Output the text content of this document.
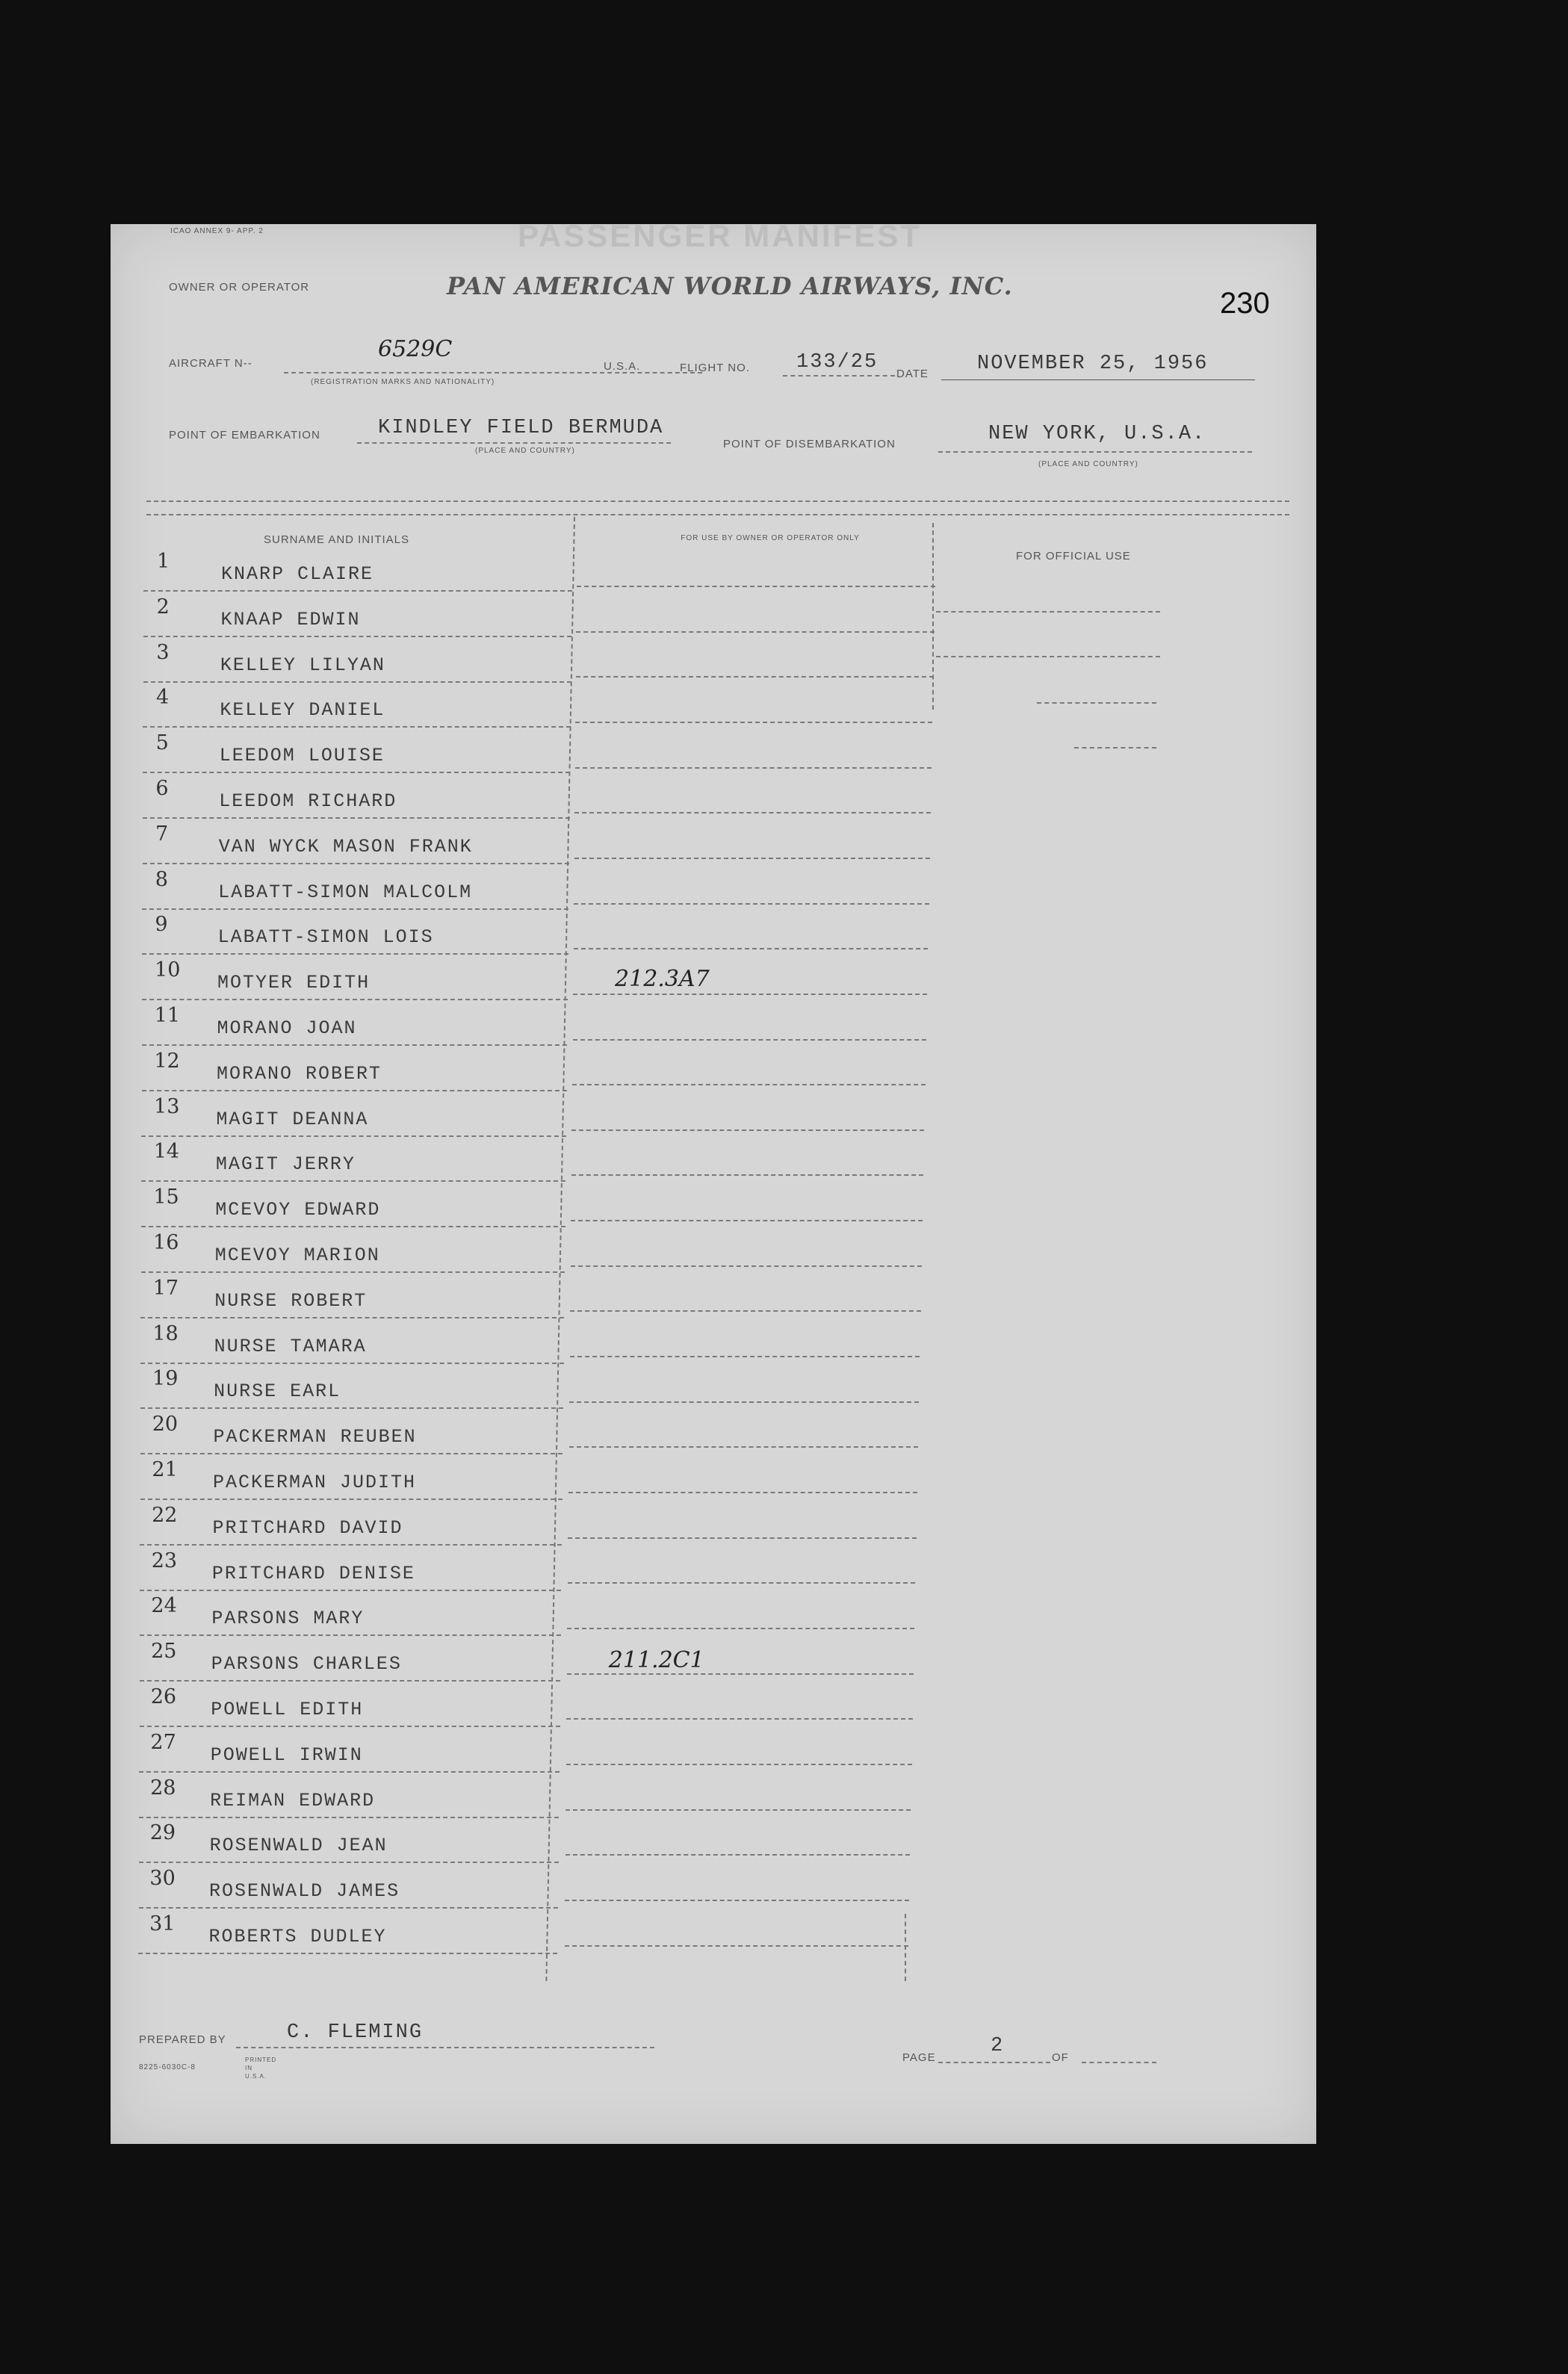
ICAO ANNEX 9- APP. 2	PASSENGER MANIFEST
230
OWNER OR OPERATOR	PAN AMERICAN WORLD AIRWAYS, INC.
AIRCRAFT N--
6529C
(REGISTRATION MARKS AND NATIONALITY)
U.S.A.	FLIGHT NO. 133/25
DATE NOVEMBER 25, 1956
POINT OF EMBARKATION	KINDLEY FIELD BERMUDA
(PLACE AND COUNTRY)
POINT OF DISEMBARKATION	NEW YORK, U.S.A.
(PLACE AND COUNTRY)
SURNAME AND INITIALS	FOR USE BY OWNER OR OPERATOR ONLY
FOR OFFICIAL USE
1
KNARP CLAIRE
2
KNAAP EDWIN
3
KELLEY LILYAN
4
KELLEY DANIEL
5
LEEDOM LOUISE
6
LEEDOM RICHARD
7
VAN WYCK MASON FRANK
8
LABATT-SIMON MALCOLM
9
LABATT-SIMON LOIS
10
MOTYER EDITH	212.3A7
11
MORANO JOAN
12
MORANO ROBERT
13
MAGIT DEANNA
14
MAGIT JERRY
15
MCEVOY EDWARD
16
MCEVOY MARION
17
NURSE ROBERT
18
NURSE TAMARA
19
NURSE EARL
20
PACKERMAN REUBEN
21
PACKERMAN JUDITH
22
PRITCHARD DAVID
23
PRITCHARD DENISE
24
PARSONS MARY
25
PARSONS CHARLES	211.2C1
26
POWELL EDITH
27
POWELL IRWIN
28
REIMAN EDWARD
29
ROSENWALD JEAN
30
ROSENWALD JAMES
31
ROBERTS DUDLEY
PREPARED BY	C. FLEMING
PAGE
2
OF
8225-6030C-8
PRINTED IN U.S.A.
